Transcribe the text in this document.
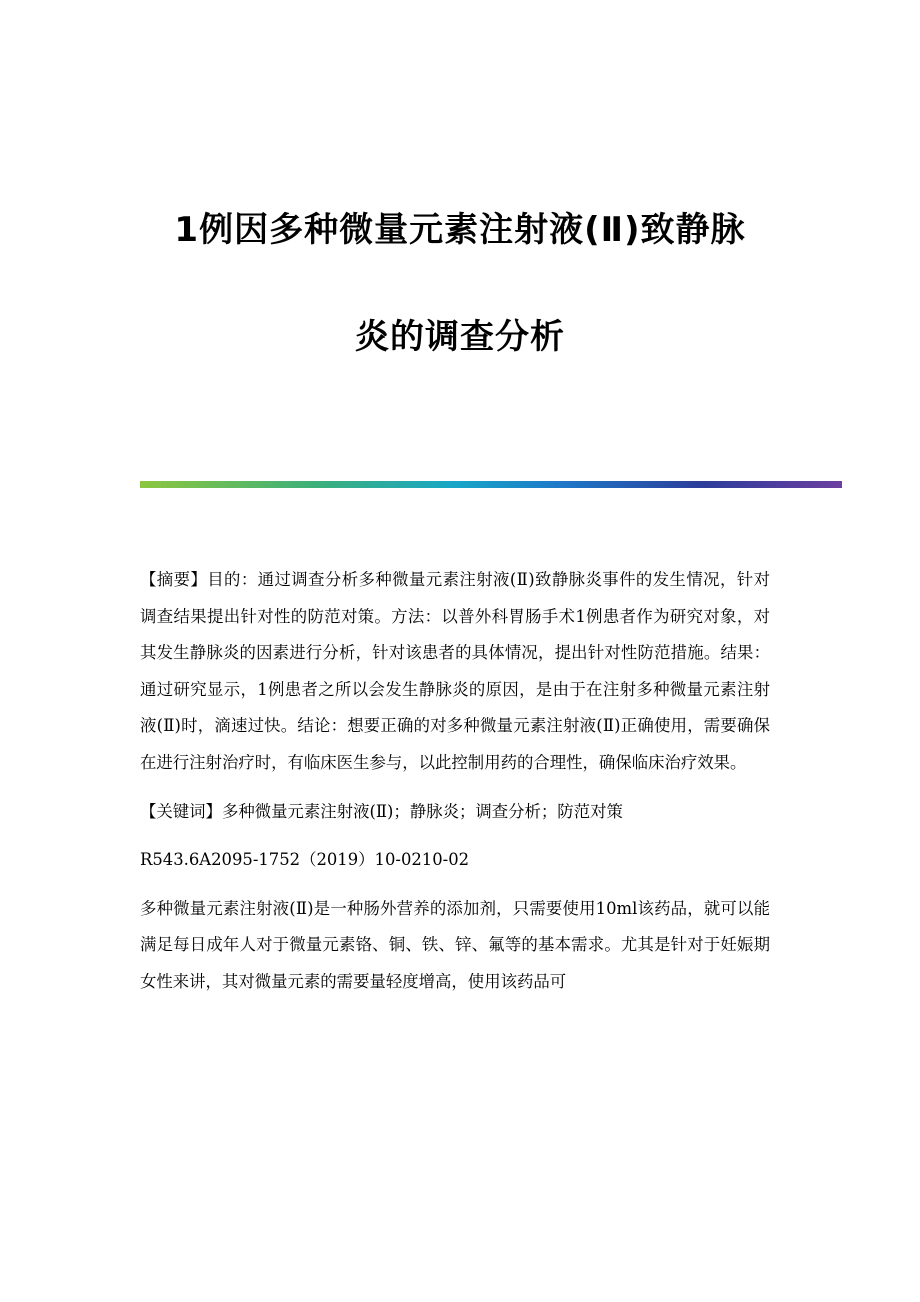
1例因多种微量元素注射液(Ⅱ)致静脉
炎的调查分析

【摘要】目的：通过调查分析多种微量元素注射液(Ⅱ)致静脉炎事件的发生情况，针对调查结果提出针对性的防范对策。方法：以普外科胃肠手术1例患者作为研究对象，对其发生静脉炎的因素进行分析，针对该患者的具体情况，提出针对性防范措施。结果：通过研究显示，1例患者之所以会发生静脉炎的原因，是由于在注射多种微量元素注射液(Ⅱ)时，滴速过快。结论：想要正确的对多种微量元素注射液(Ⅱ)正确使用，需要确保在进行注射治疗时，有临床医生参与，以此控制用药的合理性，确保临床治疗效果。

【关键词】多种微量元素注射液(Ⅱ)；静脉炎；调查分析；防范对策

R543.6A2095-1752（2019）10-0210-02

多种微量元素注射液(Ⅱ)是一种肠外营养的添加剂，只需要使用10ml该药品，就可以能满足每日成年人对于微量元素铬、铜、铁、锌、氟等的基本需求。尤其是针对于妊娠期女性来讲，其对微量元素的需要量轻度增高，使用该药品可
